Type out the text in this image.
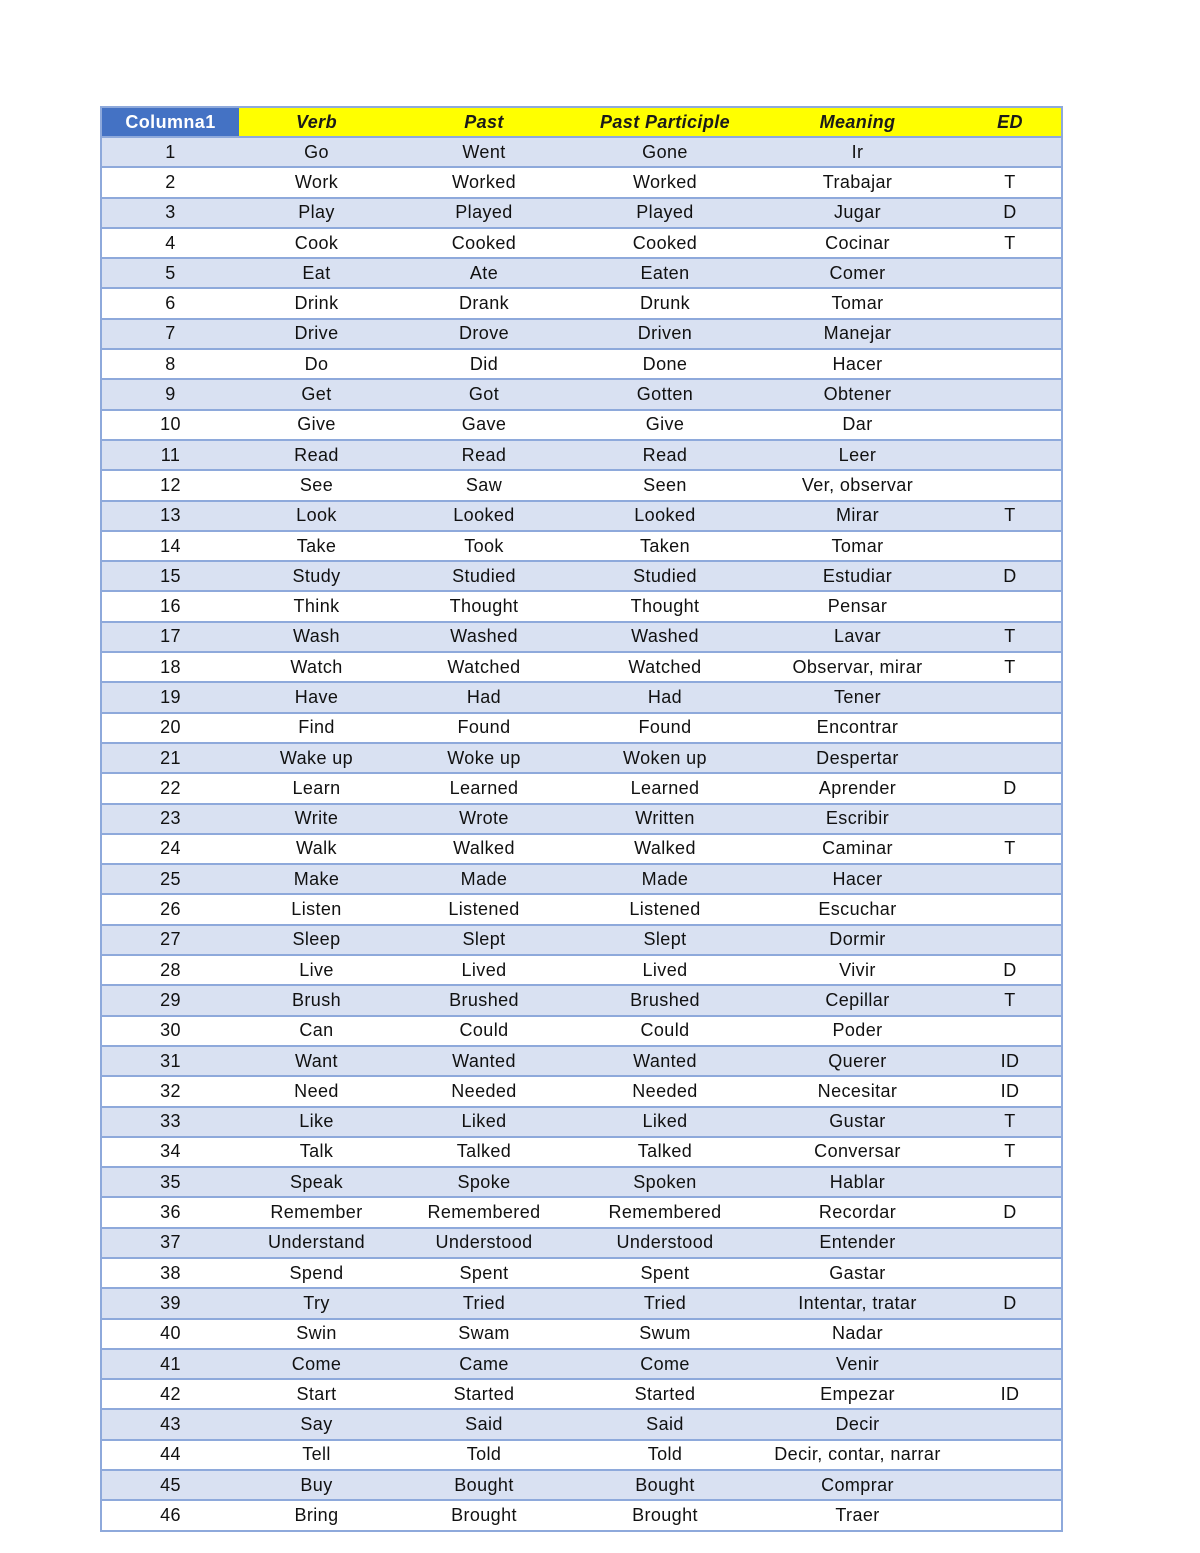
Columna1	Verb	Past	Past Participle	Meaning	ED
1	Go	Went	Gone	Ir	
2	Work	Worked	Worked	Trabajar	T
3	Play	Played	Played	Jugar	D
4	Cook	Cooked	Cooked	Cocinar	T
5	Eat	Ate	Eaten	Comer	
6	Drink	Drank	Drunk	Tomar	
7	Drive	Drove	Driven	Manejar	
8	Do	Did	Done	Hacer	
9	Get	Got	Gotten	Obtener	
10	Give	Gave	Give	Dar	
11	Read	Read	Read	Leer	
12	See	Saw	Seen	Ver, observar	
13	Look	Looked	Looked	Mirar	T
14	Take	Took	Taken	Tomar	
15	Study	Studied	Studied	Estudiar	D
16	Think	Thought	Thought	Pensar	
17	Wash	Washed	Washed	Lavar	T
18	Watch	Watched	Watched	Observar, mirar	T
19	Have	Had	Had	Tener	
20	Find	Found	Found	Encontrar	
21	Wake up	Woke up	Woken up	Despertar	
22	Learn	Learned	Learned	Aprender	D
23	Write	Wrote	Written	Escribir	
24	Walk	Walked	Walked	Caminar	T
25	Make	Made	Made	Hacer	
26	Listen	Listened	Listened	Escuchar	
27	Sleep	Slept	Slept	Dormir	
28	Live	Lived	Lived	Vivir	D
29	Brush	Brushed	Brushed	Cepillar	T
30	Can	Could	Could	Poder	
31	Want	Wanted	Wanted	Querer	ID
32	Need	Needed	Needed	Necesitar	ID
33	Like	Liked	Liked	Gustar	T
34	Talk	Talked	Talked	Conversar	T
35	Speak	Spoke	Spoken	Hablar	
36	Remember	Remembered	Remembered	Recordar	D
37	Understand	Understood	Understood	Entender	
38	Spend	Spent	Spent	Gastar	
39	Try	Tried	Tried	Intentar, tratar	D
40	Swin	Swam	Swum	Nadar	
41	Come	Came	Come	Venir	
42	Start	Started	Started	Empezar	ID
43	Say	Said	Said	Decir	
44	Tell	Told	Told	Decir, contar, narrar	
45	Buy	Bought	Bought	Comprar	
46	Bring	Brought	Brought	Traer	
